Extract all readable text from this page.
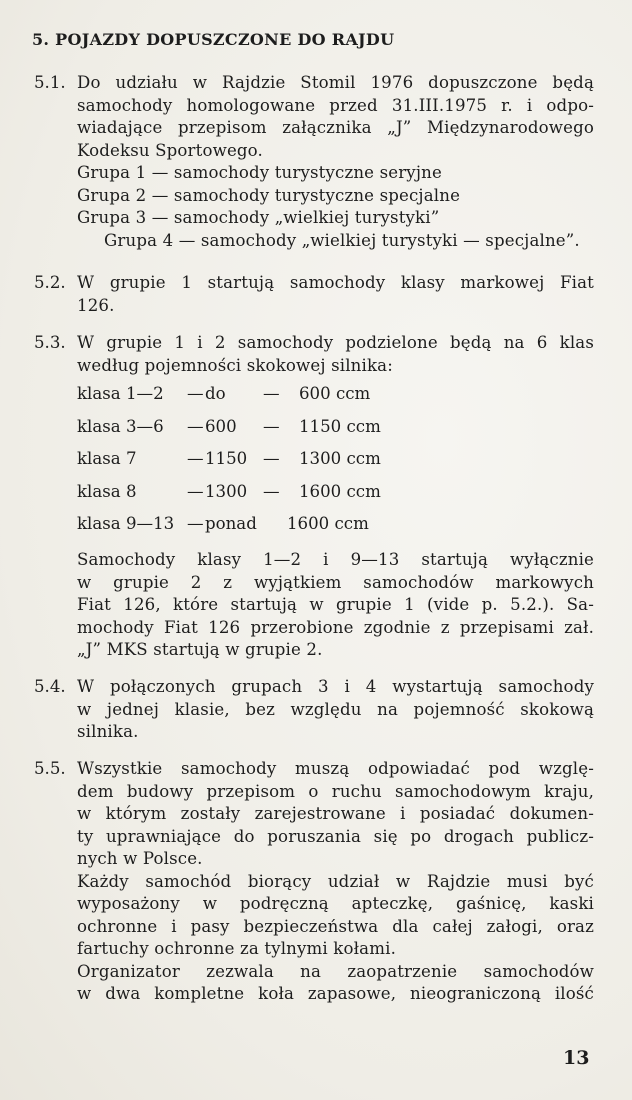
5. POJAZDY DOPUSZCZONE DO RAJDU
5.1. Do udziału w Rajdzie Stomil 1976 dopuszczone będą
samochody homologowane przed 31.III.1975 r. i odpo-
wiadające przepisom załącznika „J” Międzynarodowego
Kodeksu Sportowego.
Grupa 1 — samochody turystyczne seryjne
Grupa 2 — samochody turystyczne specjalne
Grupa 3 — samochody „wielkiej turystyki”
Grupa 4 — samochody „wielkiej turystyki — specjalne”.
5.2. W grupie 1 startują samochody klasy markowej Fiat
126.
5.3. W grupie 1 i 2 samochody podzielone będą na 6 klas
według pojemności skokowej silnika:
klasa 1—2 — do — 600 ccm
klasa 3—6 — 600 — 1150 ccm
klasa 7	— 1150 — 1300 ccm
klasa 8	— 1300 — 1600 ccm
klasa 9—13 — ponad 1600 ccm
Samochody klasy 1—2 i 9—13 startują wyłącznie
w grupie 2 z wyjątkiem samochodów markowych
Fiat 126, które startują w grupie 1 (vide p. 5.2.). Sa-
mochody Fiat 126 przerobione zgodnie z przepisami zał.
„J” MKS startują w grupie 2.
5.4. W połączonych grupach 3 i 4 wystartują samochody
w jednej klasie, bez względu na pojemność skokową
silnika.
5.5. Wszystkie samochody muszą odpowiadać pod wzglę-
dem budowy przepisom o ruchu samochodowym kraju,
w którym zostały zarejestrowane i posiadać dokumen-
ty uprawniające do poruszania się po drogach publicz-
nych w Polsce.
Każdy samochód biorący udział w Rajdzie musi być
wyposażony w podręczną apteczkę, gaśnicę, kaski
ochronne i pasy bezpieczeństwa dla całej załogi, oraz
fartuchy ochronne za tylnymi kołami.
Organizator zezwala na zaopatrzenie samochodów
w dwa kompletne koła zapasowe, nieograniczoną ilość
13
